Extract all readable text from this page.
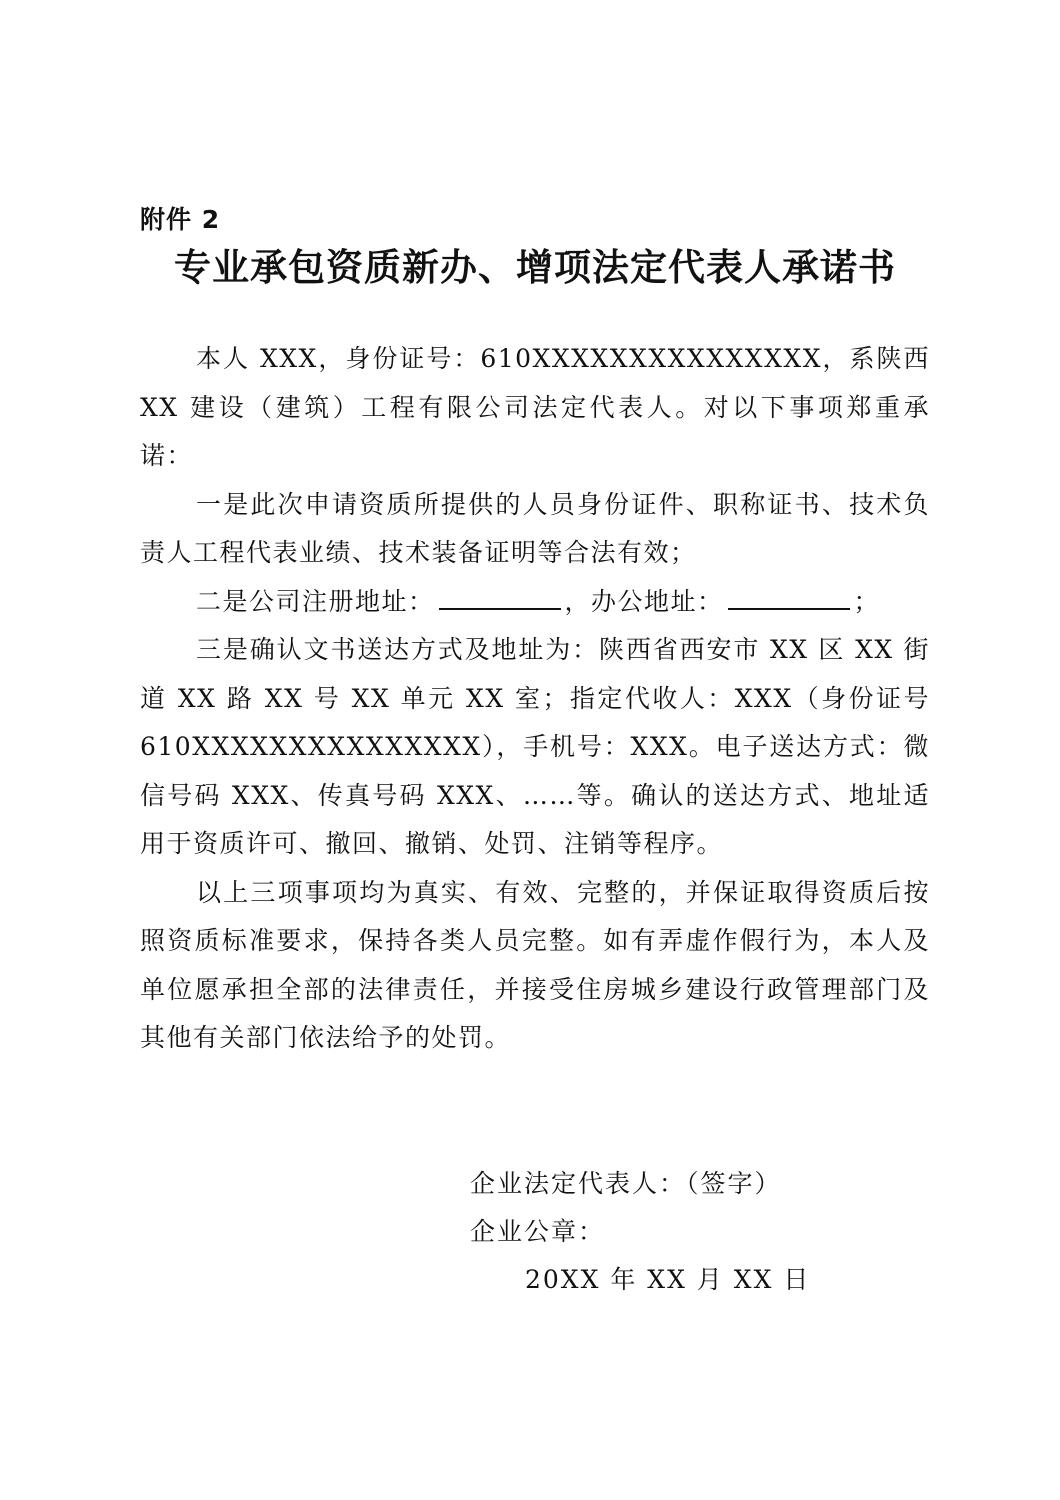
附件 2
专业承包资质新办、增项法定代表人承诺书

本人 XXX，身份证号：610XXXXXXXXXXXXXXX，系陕西 XX 建设（建筑）工程有限公司法定代表人。对以下事项郑重承诺：

一是此次申请资质所提供的人员身份证件、职称证书、技术负责人工程代表业绩、技术装备证明等合法有效；

二是公司注册地址：	，办公地址：	；

三是确认文书送达方式及地址为：陕西省西安市 XX 区 XX 街道 XX 路 XX 号 XX 单元 XX 室；指定代收人：XXX（身份证号 610XXXXXXXXXXXXXXX），手机号：XXX。电子送达方式：微信号码 XXX、传真号码 XXX、……等。确认的送达方式、地址适用于资质许可、撤回、撤销、处罚、注销等程序。

以上三项事项均为真实、有效、完整的，并保证取得资质后按照资质标准要求，保持各类人员完整。如有弄虚作假行为，本人及单位愿承担全部的法律责任，并接受住房城乡建设行政管理部门及其他有关部门依法给予的处罚。

企业法定代表人：（签字）
企业公章：
20XX 年 XX 月 XX 日
